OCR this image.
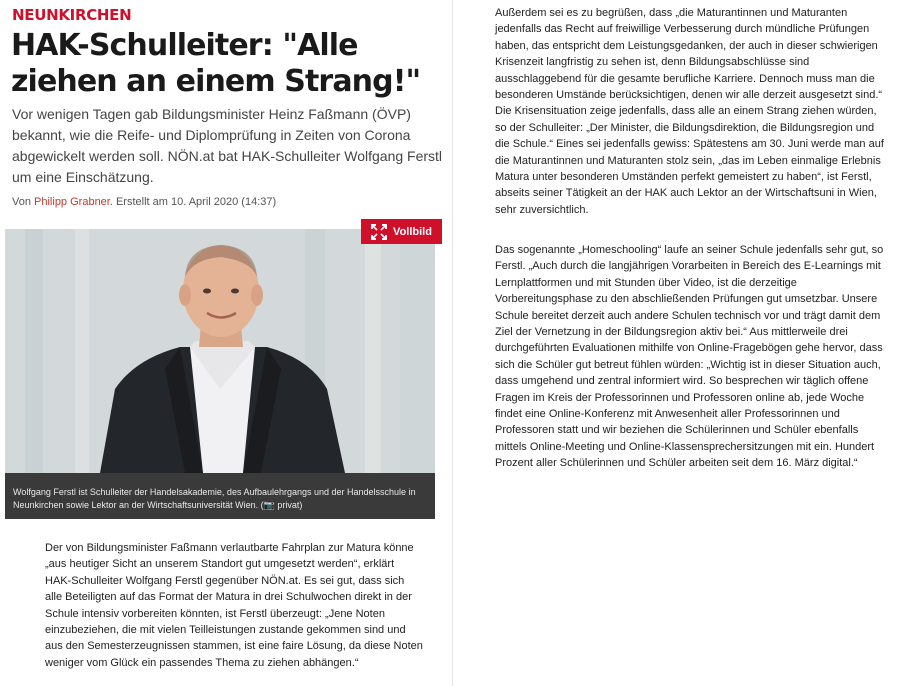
NEUNKIRCHEN
HAK-Schulleiter: "Alle ziehen an einem Strang!"

Vor wenigen Tagen gab Bildungsminister Heinz Faßmann (ÖVP) bekannt, wie die Reife- und Diplomprüfung in Zeiten von Corona abgewickelt werden soll. NÖN.at bat HAK-Schulleiter Wolfgang Ferstl um eine Einschätzung.

Von Philipp Grabner. Erstellt am 10. April 2020 (14:37)
Vollbild
Wolfgang Ferstl ist Schulleiter der Handelsakademie, des Aufbaulehrgangs und der Handelsschule in Neunkirchen sowie Lektor an der Wirtschaftsuniversität Wien. (📷 privat)

Der von Bildungsminister Faßmann verlautbarte Fahrplan zur Matura könne „aus heutiger Sicht an unserem Standort gut umgesetzt werden“, erklärt HAK-Schulleiter Wolfgang Ferstl gegenüber NÖN.at. Es sei gut, dass sich alle Beteiligten auf das Format der Matura in drei Schulwochen direkt in der Schule intensiv vorbereiten könnten, ist Ferstl überzeugt: „Jene Noten einzubeziehen, die mit vielen Teilleistungen zustande gekommen sind und aus den Semesterzeugnissen stammen, ist eine faire Lösung, da diese Noten weniger vom Glück ein passendes Thema zu ziehen abhängen.“

Außerdem sei es zu begrüßen, dass „die Maturantinnen und Maturanten jedenfalls das Recht auf freiwillige Verbesserung durch mündliche Prüfungen haben, das entspricht dem Leistungsgedanken, der auch in dieser schwierigen Krisenzeit langfristig zu sehen ist, denn Bildungsabschlüsse sind ausschlaggebend für die gesamte berufliche Karriere. Dennoch muss man die besonderen Umstände berücksichtigen, denen wir alle derzeit ausgesetzt sind.“ Die Krisensituation zeige jedenfalls, dass alle an einem Strang ziehen würden, so der Schulleiter: „Der Minister, die Bildungsdirektion, die Bildungsregion und die Schule.“ Eines sei jedenfalls gewiss: Spätestens am 30. Juni werde man auf die Maturantinnen und Maturanten stolz sein, „das im Leben einmalige Erlebnis Matura unter besonderen Umständen perfekt gemeistert zu haben“, ist Ferstl, abseits seiner Tätigkeit an der HAK auch Lektor an der Wirtschaftsuni in Wien, sehr zuversichtlich.

Das sogenannte „Homeschooling“ laufe an seiner Schule jedenfalls sehr gut, so Ferstl. „Auch durch die langjährigen Vorarbeiten in Bereich des E-Learnings mit Lernplattformen und mit Stunden über Video, ist die derzeitige Vorbereitungsphase zu den abschließenden Prüfungen gut umsetzbar. Unsere Schule bereitet derzeit auch andere Schulen technisch vor und trägt damit dem Ziel der Vernetzung in der Bildungsregion aktiv bei.“ Aus mittlerweile drei durchgeführten Evaluationen mithilfe von Online-Fragebögen gehe hervor, dass sich die Schüler gut betreut fühlen würden: „Wichtig ist in dieser Situation auch, dass umgehend und zentral informiert wird. So besprechen wir täglich offene Fragen im Kreis der Professorinnen und Professoren online ab, jede Woche findet eine Online-Konferenz mit Anwesenheit aller Professorinnen und Professoren statt und wir beziehen die Schülerinnen und Schüler ebenfalls mittels Online-Meeting und Online-Klassensprechersitzungen mit ein. Hundert Prozent aller Schülerinnen und Schüler arbeiten seit dem 16. März digital.“
